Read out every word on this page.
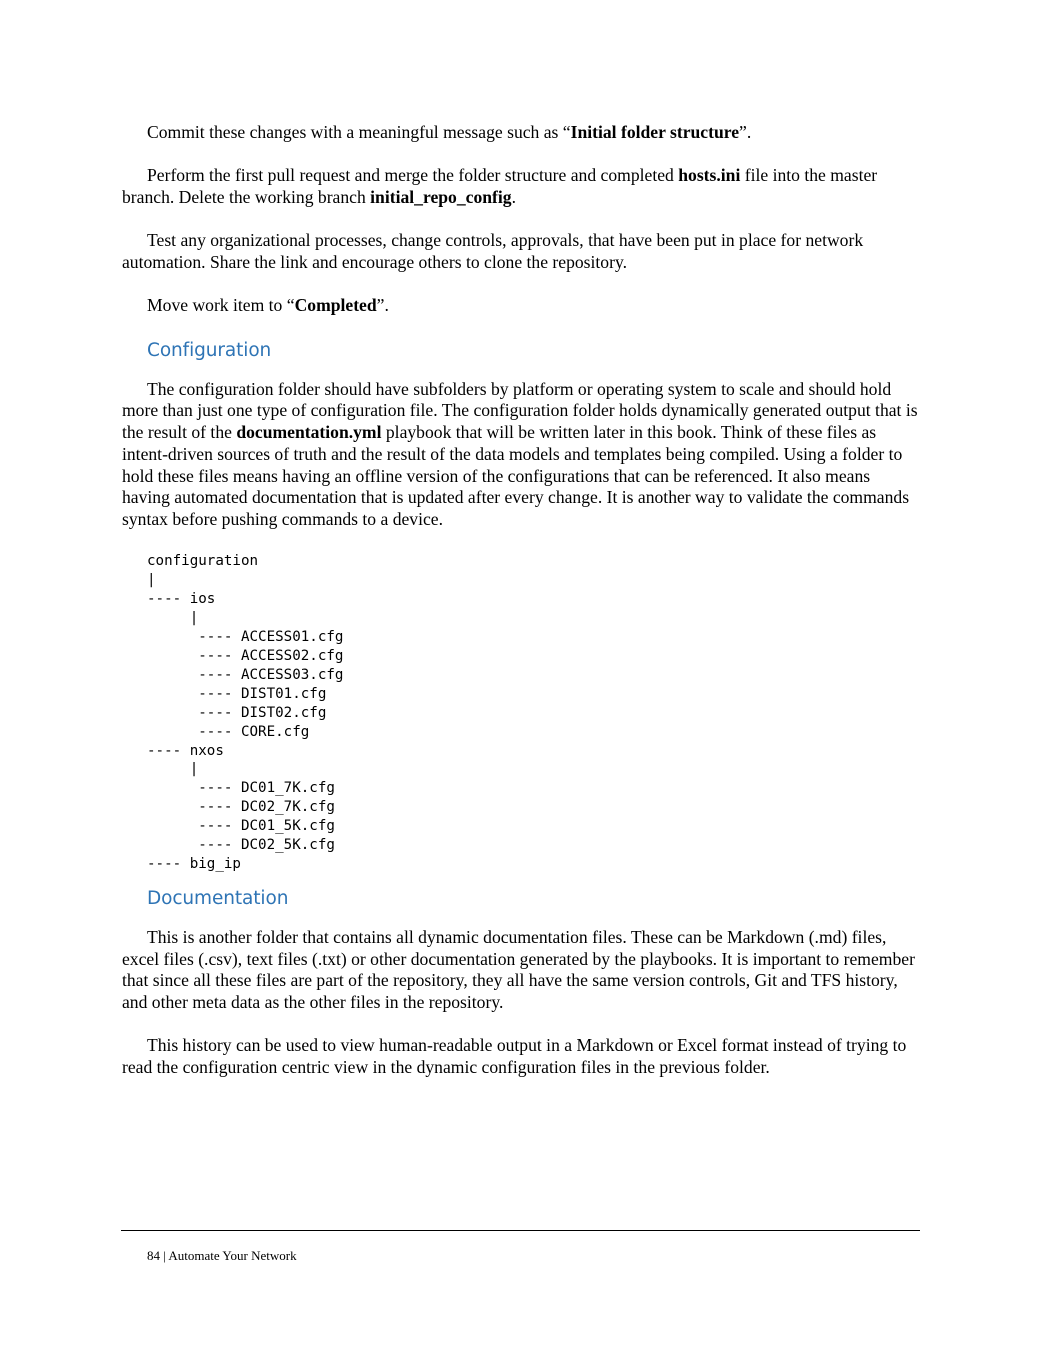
Commit these changes with a meaningful message such as “Initial folder structure”.

Perform the first pull request and merge the folder structure and completed hosts.ini file into the master branch. Delete the working branch initial_repo_config.

Test any organizational processes, change controls, approvals, that have been put in place for network automation. Share the link and encourage others to clone the repository.

Move work item to “Completed”.

Configuration

The configuration folder should have subfolders by platform or operating system to scale and should hold more than just one type of configuration file. The configuration folder holds dynamically generated output that is the result of the documentation.yml playbook that will be written later in this book. Think of these files as intent-driven sources of truth and the result of the data models and templates being compiled. Using a folder to hold these files means having an offline version of the configurations that can be referenced. It also means having automated documentation that is updated after every change. It is another way to validate the commands syntax before pushing commands to a device.

configuration
|
---- ios
|
---- ACCESS01.cfg
---- ACCESS02.cfg
---- ACCESS03.cfg
---- DIST01.cfg
---- DIST02.cfg
---- CORE.cfg
---- nxos
|
---- DC01_7K.cfg
---- DC02_7K.cfg
---- DC01_5K.cfg
---- DC02_5K.cfg
---- big_ip
Documentation

This is another folder that contains all dynamic documentation files. These can be Markdown (.md) files, excel files (.csv), text files (.txt) or other documentation generated by the playbooks. It is important to remember that since all these files are part of the repository, they all have the same version controls, Git and TFS history, and other meta data as the other files in the repository.

This history can be used to view human-readable output in a Markdown or Excel format instead of trying to read the configuration centric view in the dynamic configuration files in the previous folder.

84 | Automate Your Network
